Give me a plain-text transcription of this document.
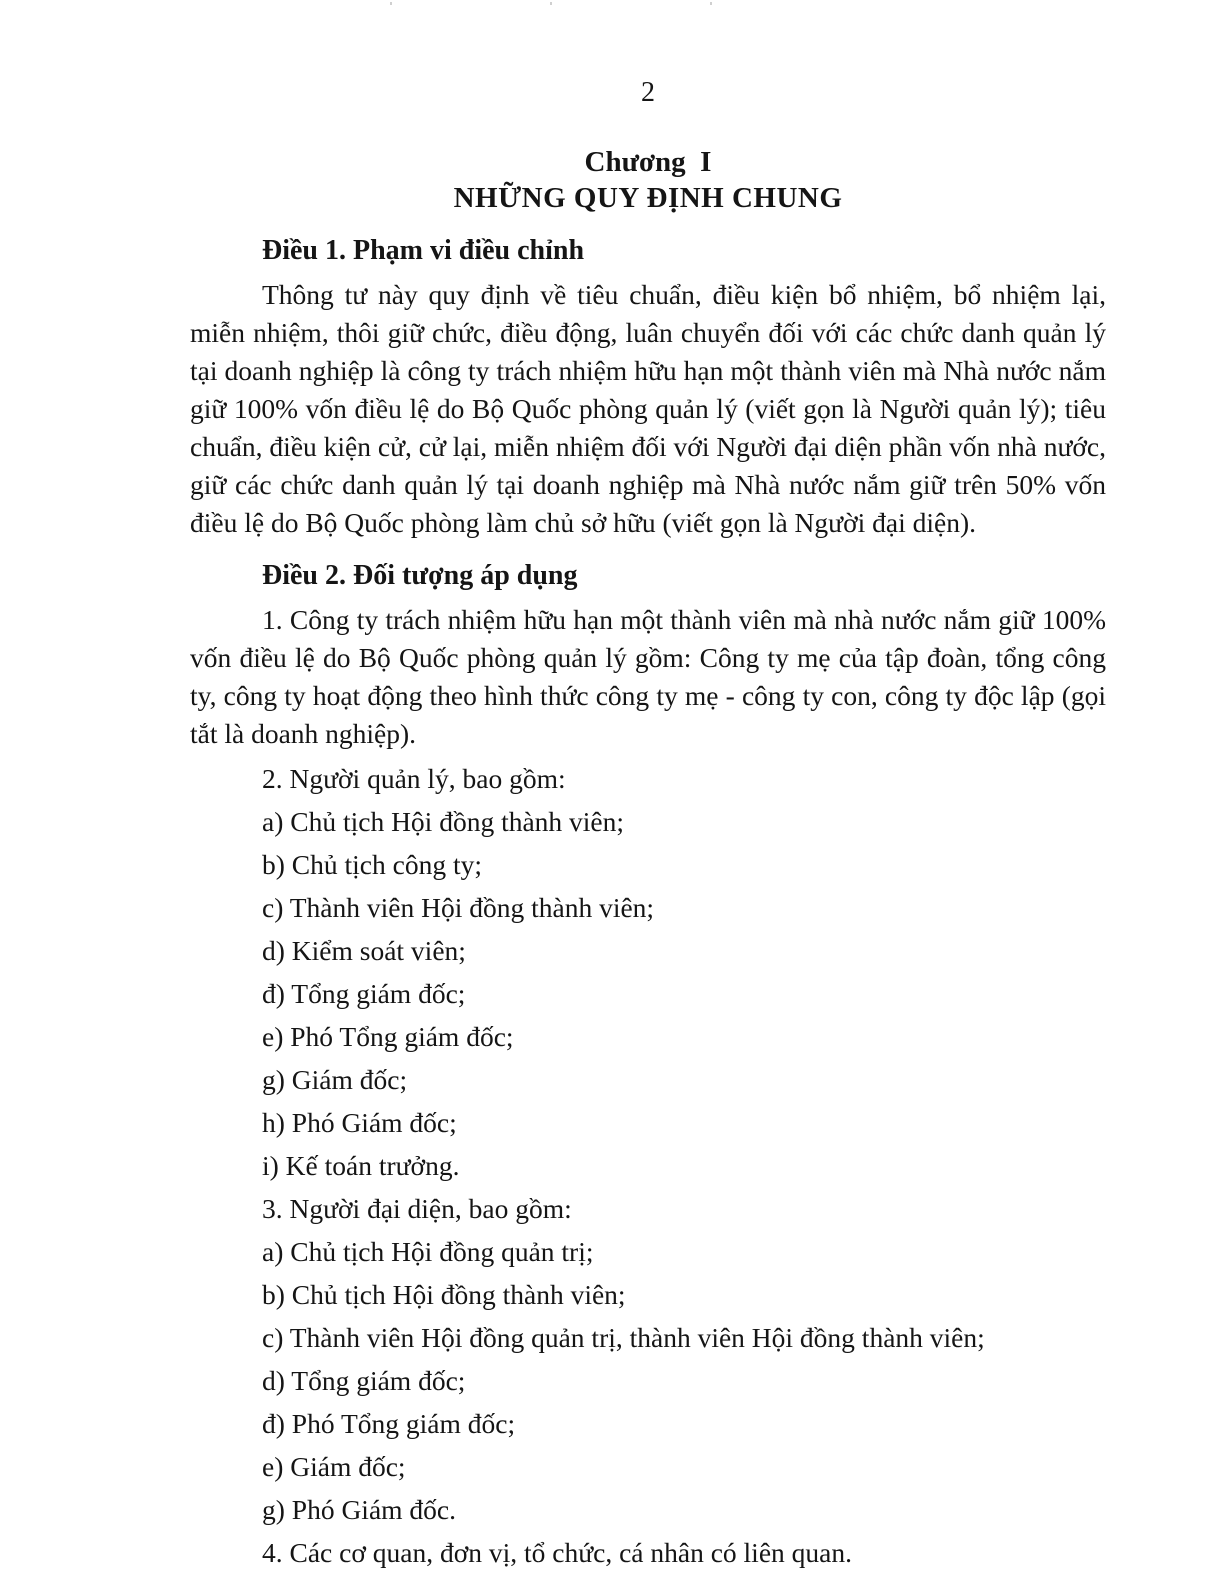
2
Chương  I
NHỮNG QUY ĐỊNH CHUNG
Điều 1. Phạm vi điều chỉnh

Thông tư này quy định về tiêu chuẩn, điều kiện bổ nhiệm, bổ nhiệm lại, miễn nhiệm, thôi giữ chức, điều động, luân chuyển đối với các chức danh quản lý tại doanh nghiệp là công ty trách nhiệm hữu hạn một thành viên mà Nhà nước nắm giữ 100% vốn điều lệ do Bộ Quốc phòng quản lý (viết gọn là Người quản lý); tiêu chuẩn, điều kiện cử, cử lại, miễn nhiệm đối với Người đại diện phần vốn nhà nước, giữ các chức danh quản lý tại doanh nghiệp mà Nhà nước nắm giữ trên 50% vốn điều lệ do Bộ Quốc phòng làm chủ sở hữu (viết gọn là Người đại diện).

Điều 2. Đối tượng áp dụng

1. Công ty trách nhiệm hữu hạn một thành viên mà nhà nước nắm giữ 100% vốn điều lệ do Bộ Quốc phòng quản lý gồm: Công ty mẹ của tập đoàn, tổng công ty, công ty hoạt động theo hình thức công ty mẹ - công ty con, công ty độc lập (gọi tắt là doanh nghiệp).

2. Người quản lý, bao gồm:
a) Chủ tịch Hội đồng thành viên;
b) Chủ tịch công ty;
c) Thành viên Hội đồng thành viên;
d) Kiểm soát viên;
đ) Tổng giám đốc;
e) Phó Tổng giám đốc;
g) Giám đốc;
h) Phó Giám đốc;
i) Kế toán trưởng.
3. Người đại diện, bao gồm:
a) Chủ tịch Hội đồng quản trị;
b) Chủ tịch Hội đồng thành viên;
c) Thành viên Hội đồng quản trị, thành viên Hội đồng thành viên;
d) Tổng giám đốc;
đ) Phó Tổng giám đốc;
e) Giám đốc;
g) Phó Giám đốc.
4. Các cơ quan, đơn vị, tổ chức, cá nhân có liên quan.
